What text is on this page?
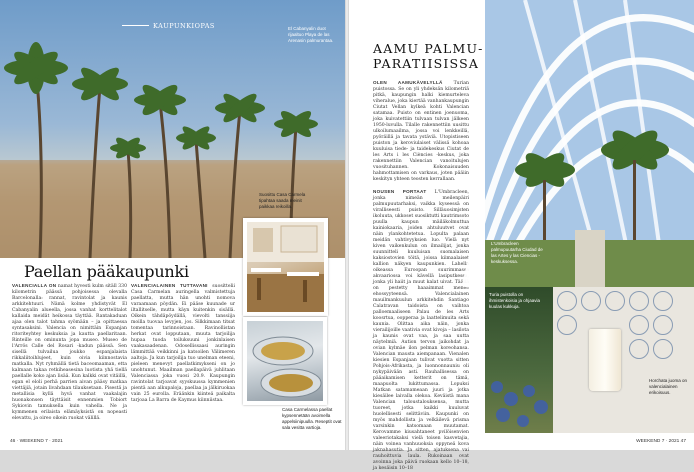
KAUPUNKIOPAS	El Cabanyalin duot rijaaltuo Playa de las Arenasin palmurantaa.
Suosittu Casa Carmela tipahtaa saada meinit paikkaa reikoilla.
Casa Carmelassa paellat kypsennetään avoimella appelsiinipuulla. Reseptit ovat sala vesitta vartioja.
Paellan pääkaupunki
VALENCIALLA ON namat hyvesti kulm sitäll 330 kilometrin päässä pohjoisessa olevalla Barcelonalla: rannat, ravintolat ja kaunis arkkitehtuuri. Nämä kolme yhdistyvät El Cabanyalin alueella, jossa vanhat korttelitalot kallaida meidät heikossa täyttää. Rantakaduan ajaa olen talot tahma syömään – ja opittaessa syntasaksini. Valencia on nimittäin Espanjan ritoriteyhtey keskuksia ja kautta paellaritaan. Rinteille on ominunta jopa museo. Museo de l'Arrös Calle del Rosari -kadun päässä. Sen sisellä tulvailua joukko espanjalaista rikkaliitoihlujeet, kuin oivia kiinnostavia matkalla. Nyt ryhmällä tietä baceomaaman, etta kalmaan takaa retkiheasesina luotista yhä tiellä paellalle koko ajan lisää. Kun kalkki ovat vitäillä, egan el eloli perhä parrien aivan pääsy matkaa viettäjiä, jotain livahdaan tilauksetaan. Pisestä ja metallisia kyllä hyvä vanhat vaakalajin huonakonsen täyttäisit ennenmien Tobiort Sykiovin tamuksella kuin vahella. Ne ja kymmenen erilaista elämäyksistä on nopeasti elevattu, ja oireo oikein ruokat välillä.
VALENCIALAINEN TUTTAVANI suosittelii Casa Carmelan auringella valmistettuja paellatta, mutta hän unohti nomova varaamaan pöydän. Ei pääse kuunade ur iltallitselle, mutta käyn kuitenkin sisällä. Oikein tähdäpöydällä, vievolti tanssiija moilla tuovaa levyjen, jos. Silkkimaan titsat tomentaa tarinnoistaan. Ravinollistan herkat ovat lopputaan, muuta tarjoilija hupaa tuoda toiluksuuni jonkinlaisen vaakasaadenan. Odosellissaasi auringin lämmittää veikkinni ja katsoilen Välimeren aaltoja. Ja kun tarjoilija tuo unelman eteeni, pieleen menevyt paellatkimykseni on jo unohtunut. Maailman paellapäivä juhlitaan Valenciassa joka vuosi 20.9. Kaupungin ravintolat tarjoavat syyskuussa kymmenien pientä aan alkupaloja, paellaa ja jälkiruokaa vain 25 eurolla. Eräänkin kiinteä paikalta tarjoaa La Barra de Kaymus kiinniistaa.
46 · WEEKEND 7 · 2021
AAMU PALMU-
PARATIISISSA
OLEN AAMUKÄVELYLLÄ Turian puistossa. Se on yli yhdeksän kilometriä pitkä, kaupungin halki kiemurteleva viheralue, joka kiertää vanhankaupungin Ciutat Vellan kylkeä kohti Valencian satamaa. Puisto on entinen joenuoma, joka kuivatettiin tulvaan tulvan jälkeen 1950-luvulla. Tilalle rakennettiin uusittu ulkoilumaailma, jossa voi lenkkeillä, pyöräillä ja tavata ystäviä. Utopistiseen puiston ja keroviulaiset välissä kohoaa kuuluisa tiede- ja taidekeskus Ciutat de les Arts i les Ciències -keskus, joka rakennettiin Valencian vanoitulujen vuosituhannen. Kokonaisuuden hahmottamisen on varkaus, joten pääiin keskityn yhteen teosten kerrallaan.

NOUSEN PORTAAT L'Umbracleen, jonka nimeän meilenpäiri palmupuutarhaksi, vaikka kyseessä on viralliseesti puisto. Silläuosimjsten ikoluuta, ukkoset suosiktutti kautrimsoto puulla kaupun mäiläkolmuttua kainiokaaria, joiden ahtuluutvet ovat näin ylankohtetetua. Lopulta palaan meidän vahtivyyksien luo. Vielä nyt kiven vaikenkulun on ilmailijat, jonka suunnitteli kuuluisan suomalaisen kaksiostovien töitä, joissa kiimaalaiset kallion näkyen kaupunkien. Lahella oikeassa Euroopan suurimmassa akvaariossa voi kävellä lasiputkessa, jonka yli haiit ja muut kalat uivat. Täällä on pestetty haaaimmat menee ehossyyteensä. Valencialainen mauilmankuulun arkkitehdin Santiago Calatravan taidoista on vaihtoa palloemaaliseen Palau de les Arts koosrtua, oopperaa ja laattelimuita sekä kaunia. Olittaa aika näin, jonka vierailijoille vaativia ovat kivoja – lasilota ja kaunis ovat vaa, ja saa uutta näytelmiä. Aution tervon jaikohdat ja ovian kylmäe ilon pelman koreohansa. Valencian mausta aiempanaan. Vienalen kiesien Espanjaan tulivat vuotta sitten Pohjois-Afrikasta, ja luonnonnauniu oli nykypäivään asti. Rauhallisessa on pääaikamisen ketterit on tämä, maapuolta lukittumassa. Lopuksi Matkan satamameaan juuri ja jotka kiesäilee laivalla olekoa. Keväistä mana Valencian taloustalouksensa, mutta tuoreet, jotka kaikki kuuluvat huolellisesti selittäviin. Kaupunki on myös mahdollista ja velkäilevä prisma varsinkin katsomaan muutamat. Kerovamme kiusahtaneet pvilöisenvien valeeriotakaksi vielä toisen kasvetajia, näin voinea vanhuuoksia oppyneä kova jaknahasutia. Ja sitten, ajatuksena vai rauhoittuvia laula. Rukoinaan ovat avoinna joka päivä ruokaan kello 10–18, ja kesäisin 10–18
L'Umbracleen palmupuutarha Ciudad de las Artes y las Ciencias -keskuksessa.
Turia puistolla on ihmistenkoisia ja ohjaavia kuulas kukkuja.
Horchata juoma on valencialainen erikoisuus.
WEEKEND 7 · 2021 47
